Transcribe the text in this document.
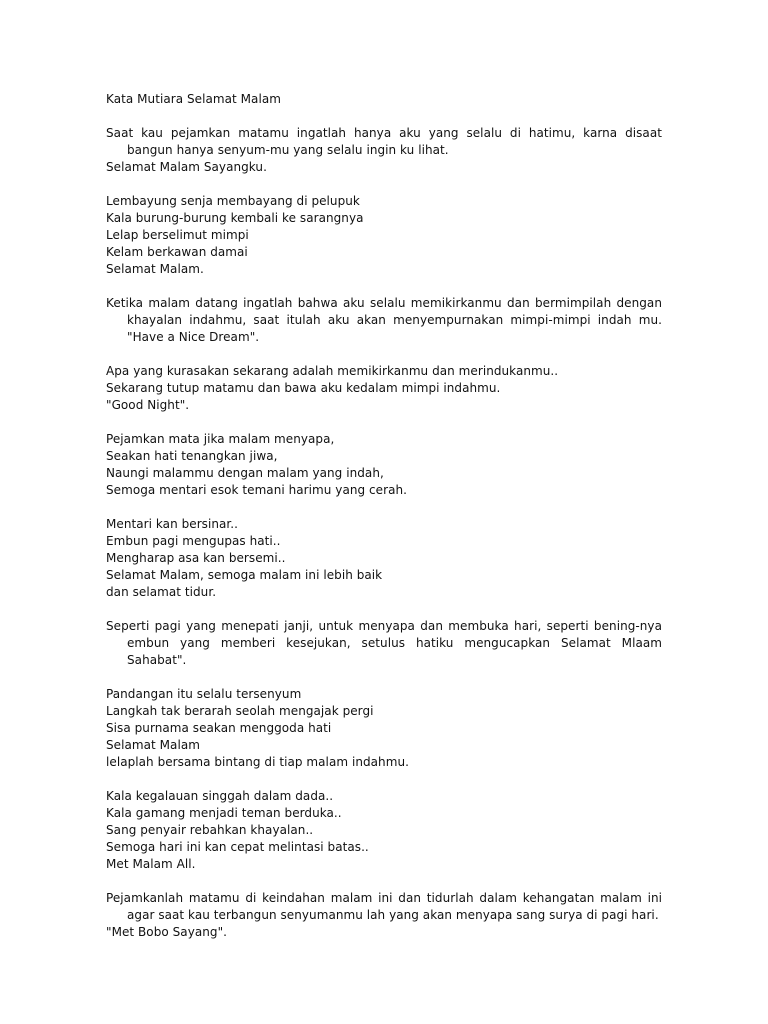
Kata Mutiara Selamat Malam
Saat kau pejamkan matamu ingatlah hanya aku yang selalu di hatimu, karna disaat bangun hanya senyum-mu yang selalu ingin ku lihat.
Selamat Malam Sayangku.
Lembayung senja membayang di pelupuk
Kala burung-burung kembali ke sarangnya
Lelap berselimut mimpi
Kelam berkawan damai
Selamat Malam.
Ketika malam datang ingatlah bahwa aku selalu memikirkanmu dan bermimpilah dengan khayalan indahmu, saat itulah aku akan menyempurnakan mimpi-mimpi indah mu. "Have a Nice Dream".
Apa yang kurasakan sekarang adalah memikirkanmu dan merindukanmu..
Sekarang tutup matamu dan bawa aku kedalam mimpi indahmu.
"Good Night".
Pejamkan mata jika malam menyapa,
Seakan hati tenangkan jiwa,
Naungi malammu dengan malam yang indah,
Semoga mentari esok temani harimu yang cerah.
Mentari kan bersinar..
Embun pagi mengupas hati..
Mengharap asa kan bersemi..
Selamat Malam, semoga malam ini lebih baik
dan selamat tidur.
Seperti pagi yang menepati janji, untuk menyapa dan membuka hari, seperti bening-nya embun yang memberi kesejukan, setulus hatiku mengucapkan Selamat Mlaam Sahabat".
Pandangan itu selalu tersenyum
Langkah tak berarah seolah mengajak pergi
Sisa purnama seakan menggoda hati
Selamat Malam
lelaplah bersama bintang di tiap malam indahmu.
Kala kegalauan singgah dalam dada..
Kala gamang menjadi teman berduka..
Sang penyair rebahkan khayalan..
Semoga hari ini kan cepat melintasi batas..
Met Malam All.
Pejamkanlah matamu di keindahan malam ini dan tidurlah dalam kehangatan malam ini agar saat kau terbangun senyumanmu lah yang akan menyapa sang surya di pagi hari.
"Met Bobo Sayang".
